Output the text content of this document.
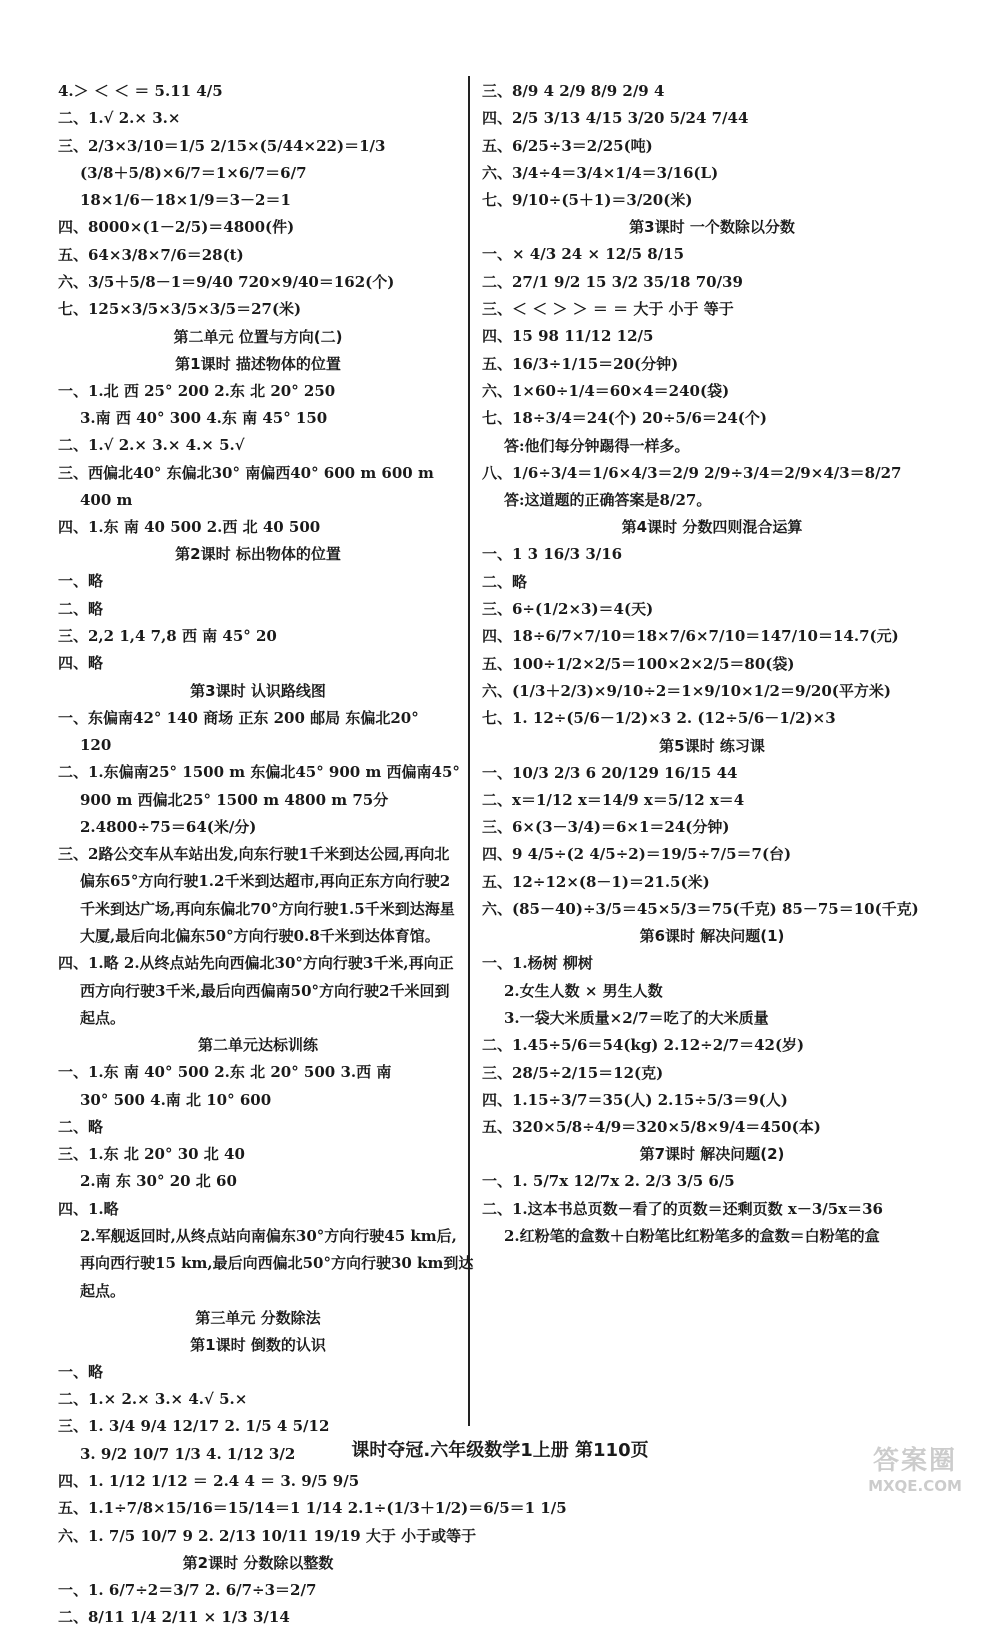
4.＞ ＜ ＜ ＝ 5.11 4/5
二、1.√ 2.× 3.×
三、2/3×3/10＝1/5 2/15×(5/44×22)＝1/3
(3/8＋5/8)×6/7＝1×6/7＝6/7
18×1/6－18×1/9＝3－2＝1
四、8000×(1－2/5)＝4800(件)
五、64×3/8×7/6＝28(t)
六、3/5＋5/8－1＝9/40 720×9/40＝162(个)
七、125×3/5×3/5×3/5＝27(米)
第二单元 位置与方向(二)
第1课时 描述物体的位置
一、1.北 西 25° 200 2.东 北 20° 250
3.南 西 40° 300 4.东 南 45° 150
二、1.√ 2.× 3.× 4.× 5.√
三、西偏北40° 东偏北30° 南偏西40° 600 m 600 m
400 m
四、1.东 南 40 500 2.西 北 40 500
第2课时 标出物体的位置
一、略
二、略
三、2,2 1,4 7,8 西 南 45° 20
四、略
第3课时 认识路线图
一、东偏南42° 140 商场 正东 200 邮局 东偏北20°
120
二、1.东偏南25° 1500 m 东偏北45° 900 m 西偏南45°
900 m 西偏北25° 1500 m 4800 m 75分
2.4800÷75＝64(米/分)
三、2路公交车从车站出发,向东行驶1千米到达公园,再向北
偏东65°方向行驶1.2千米到达超市,再向正东方向行驶2
千米到达广场,再向东偏北70°方向行驶1.5千米到达海星
大厦,最后向北偏东50°方向行驶0.8千米到达体育馆。
四、1.略 2.从终点站先向西偏北30°方向行驶3千米,再向正
西方向行驶3千米,最后向西偏南50°方向行驶2千米回到
起点。
第二单元达标训练
一、1.东 南 40° 500 2.东 北 20° 500 3.西 南
30° 500 4.南 北 10° 600
二、略
三、1.东 北 20° 30 北 40
2.南 东 30° 20 北 60
四、1.略
2.军舰返回时,从终点站向南偏东30°方向行驶45 km后,
再向西行驶15 km,最后向西偏北50°方向行驶30 km到达
起点。
第三单元 分数除法
第1课时 倒数的认识
一、略
二、1.× 2.× 3.× 4.√ 5.×
三、1. 3/4 9/4 12/17 2. 1/5 4 5/12
3. 9/2 10/7 1/3 4. 1/12 3/2
四、1. 1/12 1/12 ＝ 2.4 4 ＝ 3. 9/5 9/5
五、1.1÷7/8×15/16＝15/14＝1 1/14 2.1÷(1/3＋1/2)＝6/5＝1 1/5
六、1. 7/5 10/7 9 2. 2/13 10/11 19/19 大于 小于或等于
第2课时 分数除以整数
一、1. 6/7÷2＝3/7 2. 6/7÷3＝2/7
二、8/11 1/4 2/11 × 1/3 3/14
三、8/9 4 2/9 8/9 2/9 4
四、2/5 3/13 4/15 3/20 5/24 7/44
五、6/25÷3＝2/25(吨)
六、3/4÷4＝3/4×1/4＝3/16(L)
七、9/10÷(5＋1)＝3/20(米)
第3课时 一个数除以分数
一、× 4/3 24 × 12/5 8/15
二、27/1 9/2 15 3/2 35/18 70/39
三、＜ ＜ ＞ ＞ ＝ ＝ 大于 小于 等于
四、15 98 11/12 12/5
五、16/3÷1/15＝20(分钟)
六、1×60÷1/4＝60×4＝240(袋)
七、18÷3/4＝24(个) 20÷5/6＝24(个)
答:他们每分钟踢得一样多。
八、1/6÷3/4＝1/6×4/3＝2/9 2/9÷3/4＝2/9×4/3＝8/27
答:这道题的正确答案是8/27。
第4课时 分数四则混合运算
一、1 3 16/3 3/16
二、略
三、6÷(1/2×3)＝4(天)
四、18÷6/7×7/10＝18×7/6×7/10＝147/10＝14.7(元)
五、100÷1/2×2/5＝100×2×2/5＝80(袋)
六、(1/3＋2/3)×9/10÷2＝1×9/10×1/2＝9/20(平方米)
七、1. 12÷(5/6－1/2)×3 2. (12÷5/6－1/2)×3
第5课时 练习课
一、10/3 2/3 6 20/129 16/15 44
二、x＝1/12 x＝14/9 x＝5/12 x＝4
三、6×(3－3/4)＝6×1＝24(分钟)
四、9 4/5÷(2 4/5÷2)＝19/5÷7/5＝7(台)
五、12÷12×(8－1)＝21.5(米)
六、(85－40)÷3/5＝45×5/3＝75(千克) 85－75＝10(千克)
第6课时 解决问题(1)
一、1.杨树 柳树
2.女生人数 × 男生人数
3.一袋大米质量×2/7＝吃了的大米质量
二、1.45÷5/6＝54(kg) 2.12÷2/7＝42(岁)
三、28/5÷2/15＝12(克)
四、1.15÷3/7＝35(人) 2.15÷5/3＝9(人)
五、320×5/8÷4/9＝320×5/8×9/4＝450(本)
第7课时 解决问题(2)
一、1. 5/7x 12/7x 2. 2/3 3/5 6/5
二、1.这本书总页数－看了的页数＝还剩页数 x－3/5x＝36
2.红粉笔的盒数＋白粉笔比红粉笔多的盒数＝白粉笔的盒
课时夺冠.六年级数学1上册 第110页	答案圈
MXQE.COM
